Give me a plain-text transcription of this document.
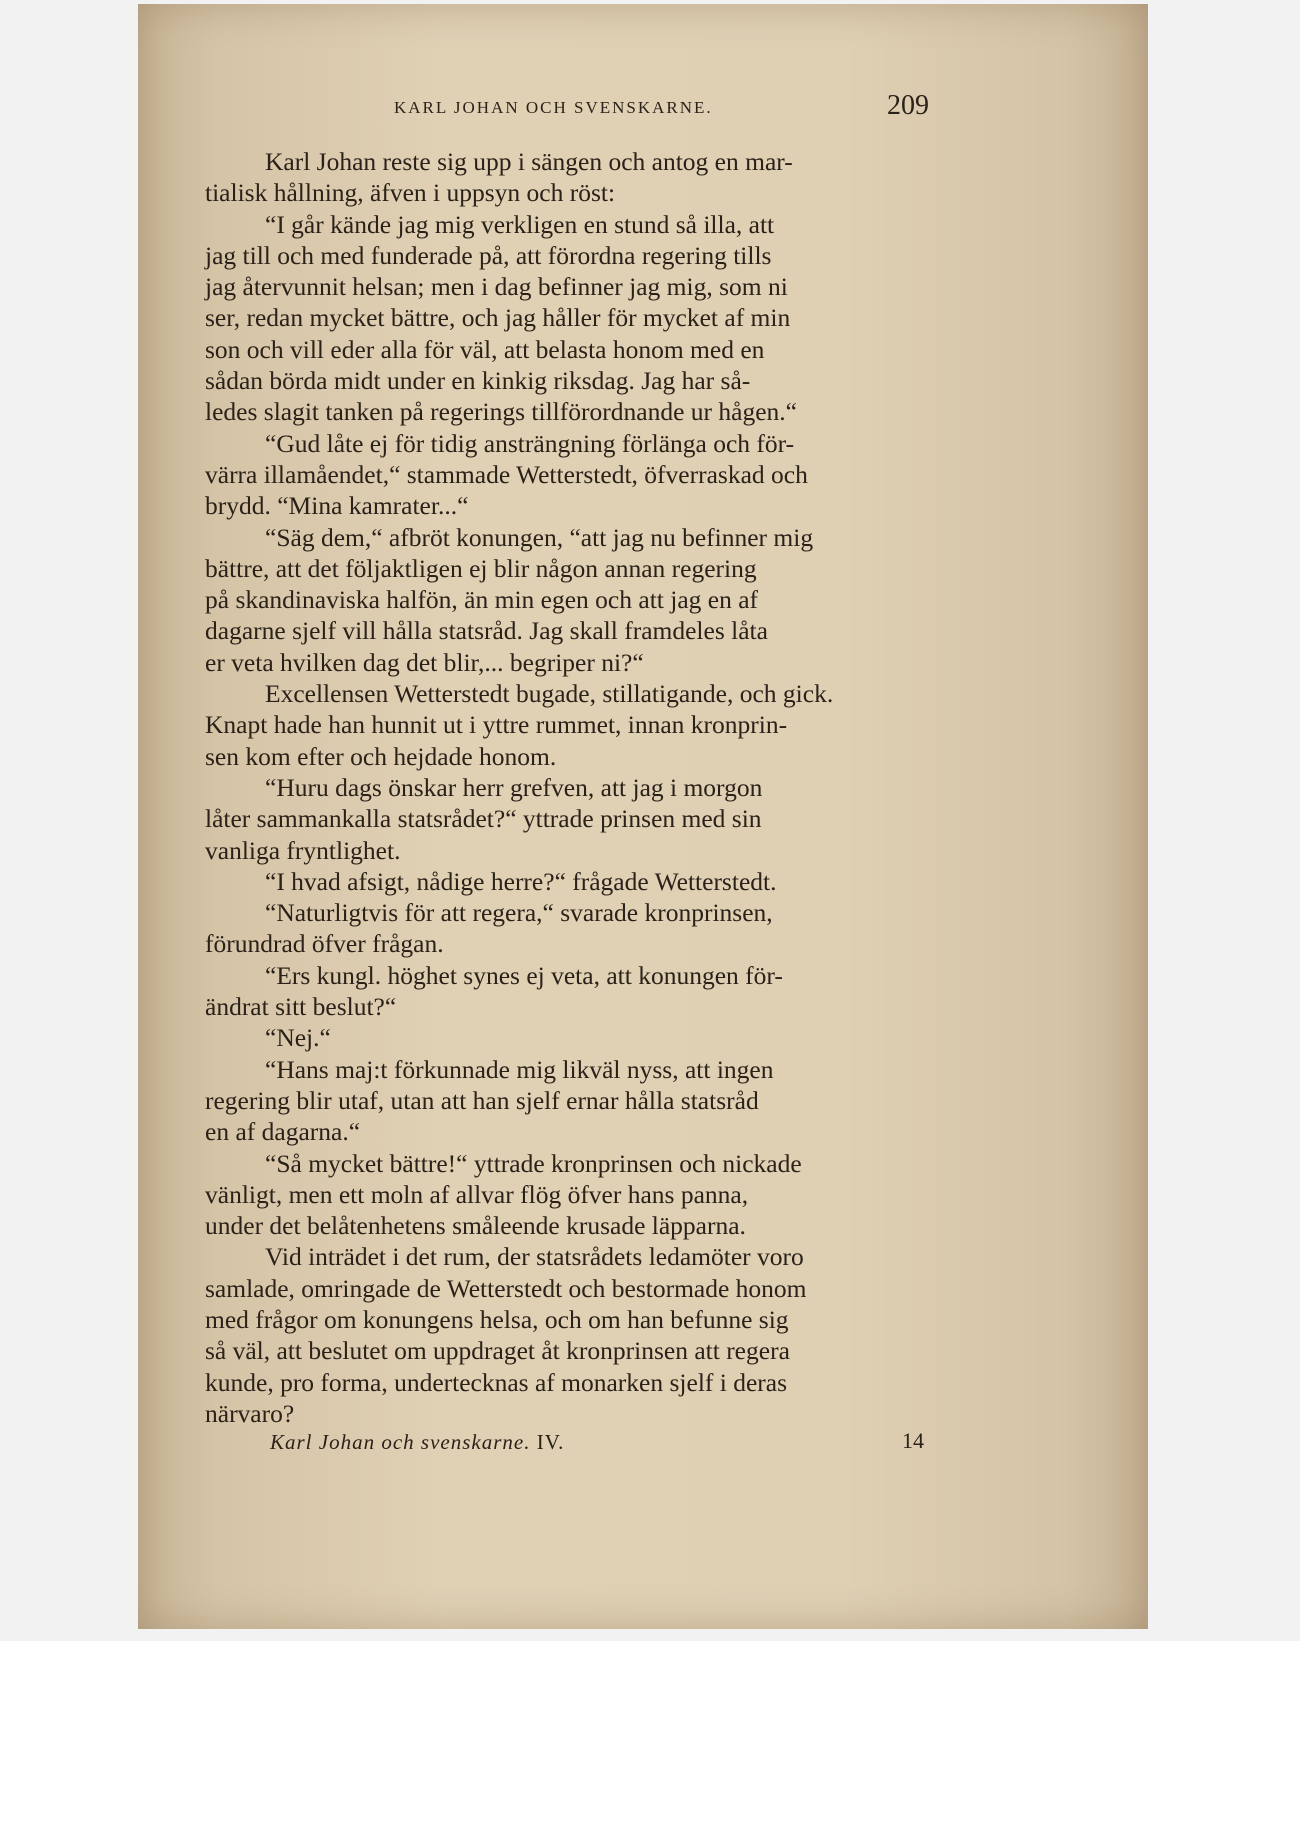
KARL JOHAN OCH SVENSKARNE.	209
Karl Johan reste sig upp i sängen och antog en mar-
tialisk hållning, äfven i uppsyn och röst:
“I går kände jag mig verkligen en stund så illa, att
jag till och med funderade på, att förordna regering tills
jag återvunnit helsan; men i dag befinner jag mig, som ni
ser, redan mycket bättre, och jag håller för mycket af min
son och vill eder alla för väl, att belasta honom med en
sådan börda midt under en kinkig riksdag. Jag har så-
ledes slagit tanken på regerings tillförordnande ur hågen.“
“Gud låte ej för tidig ansträngning förlänga och för-
värra illamåendet,“ stammade Wetterstedt, öfverraskad och
brydd. “Mina kamrater...“
“Säg dem,“ afbröt konungen, “att jag nu befinner mig
bättre, att det följaktligen ej blir någon annan regering
på skandinaviska halfön, än min egen och att jag en af
dagarne sjelf vill hålla statsråd. Jag skall framdeles låta
er veta hvilken dag det blir,... begriper ni?“
Excellensen Wetterstedt bugade, stillatigande, och gick.
Knapt hade han hunnit ut i yttre rummet, innan kronprin-
sen kom efter och hejdade honom.
“Huru dags önskar herr grefven, att jag i morgon
låter sammankalla statsrådet?“ yttrade prinsen med sin
vanliga fryntlighet.
“I hvad afsigt, nådige herre?“ frågade Wetterstedt.
“Naturligtvis för att regera,“ svarade kronprinsen,
förundrad öfver frågan.
“Ers kungl. höghet synes ej veta, att konungen för-
ändrat sitt beslut?“
“Nej.“
“Hans maj:t förkunnade mig likväl nyss, att ingen
regering blir utaf, utan att han sjelf ernar hålla statsråd
en af dagarna.“
“Så mycket bättre!“ yttrade kronprinsen och nickade
vänligt, men ett moln af allvar flög öfver hans panna,
under det belåtenhetens småleende krusade läpparna.
Vid inträdet i det rum, der statsrådets ledamöter voro
samlade, omringade de Wetterstedt och bestormade honom
med frågor om konungens helsa, och om han befunne sig
så väl, att beslutet om uppdraget åt kronprinsen att regera
kunde, pro forma, undertecknas af monarken sjelf i deras
närvaro?
Karl Johan och svenskarne. IV.	14
